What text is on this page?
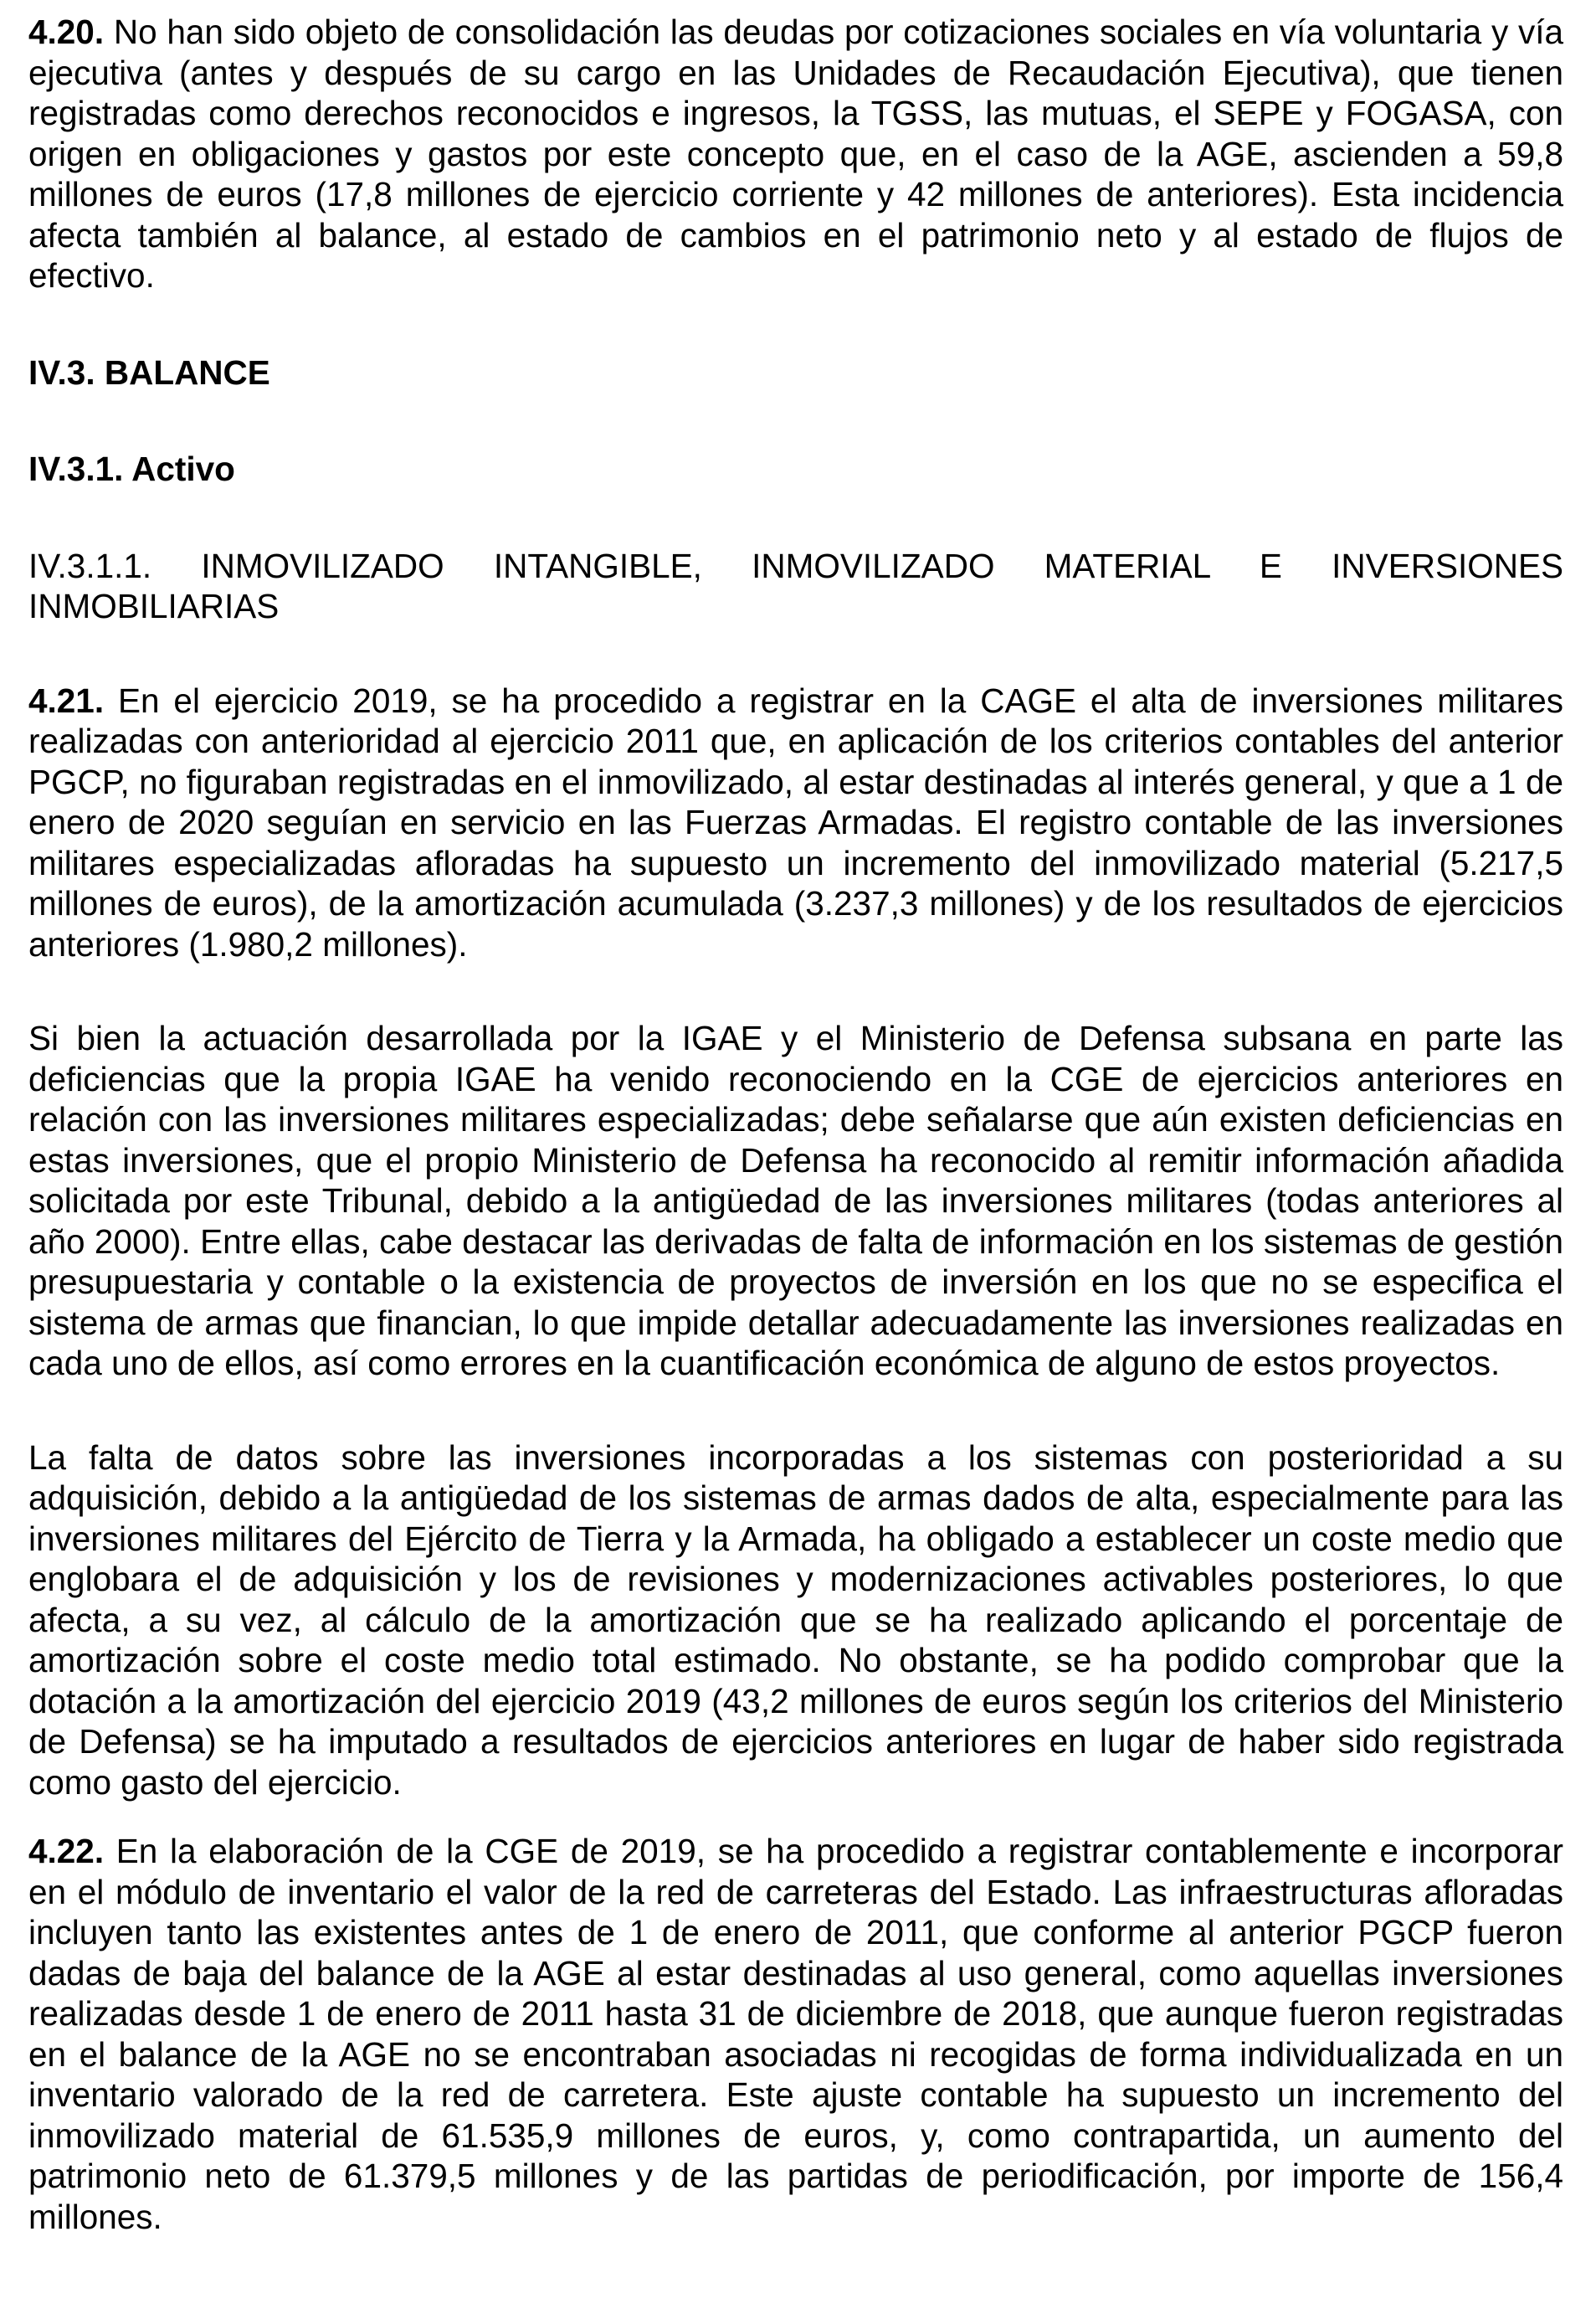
4.20. No han sido objeto de consolidación las deudas por cotizaciones sociales en vía voluntaria y vía ejecutiva (antes y después de su cargo en las Unidades de Recaudación Ejecutiva), que tienen registradas como derechos reconocidos e ingresos, la TGSS, las mutuas, el SEPE y FOGASA, con origen en obligaciones y gastos por este concepto que, en el caso de la AGE, ascienden a 59,8 millones de euros (17,8 millones de ejercicio corriente y 42 millones de anteriores). Esta incidencia afecta también al balance, al estado de cambios en el patrimonio neto y al estado de flujos de efectivo.

IV.3. BALANCE

IV.3.1. Activo

IV.3.1.1. INMOVILIZADO INTANGIBLE, INMOVILIZADO MATERIAL E INVERSIONES INMOBILIARIAS

4.21. En el ejercicio 2019, se ha procedido a registrar en la CAGE el alta de inversiones militares realizadas con anterioridad al ejercicio 2011 que, en aplicación de los criterios contables del anterior PGCP, no figuraban registradas en el inmovilizado, al estar destinadas al interés general, y que a 1 de enero de 2020 seguían en servicio en las Fuerzas Armadas. El registro contable de las inversiones militares especializadas afloradas ha supuesto un incremento del inmovilizado material (5.217,5 millones de euros), de la amortización acumulada (3.237,3 millones) y de los resultados de ejercicios anteriores (1.980,2 millones).

Si bien la actuación desarrollada por la IGAE y el Ministerio de Defensa subsana en parte las deficiencias que la propia IGAE ha venido reconociendo en la CGE de ejercicios anteriores en relación con las inversiones militares especializadas; debe señalarse que aún existen deficiencias en estas inversiones, que el propio Ministerio de Defensa ha reconocido al remitir información añadida solicitada por este Tribunal, debido a la antigüedad de las inversiones militares (todas anteriores al año 2000). Entre ellas, cabe destacar las derivadas de falta de información en los sistemas de gestión presupuestaria y contable o la existencia de proyectos de inversión en los que no se especifica el sistema de armas que financian, lo que impide detallar adecuadamente las inversiones realizadas en cada uno de ellos, así como errores en la cuantificación económica de alguno de estos proyectos.

La falta de datos sobre las inversiones incorporadas a los sistemas con posterioridad a su adquisición, debido a la antigüedad de los sistemas de armas dados de alta, especialmente para las inversiones militares del Ejército de Tierra y la Armada, ha obligado a establecer un coste medio que englobara el de adquisición y los de revisiones y modernizaciones activables posteriores, lo que afecta, a su vez, al cálculo de la amortización que se ha realizado aplicando el porcentaje de amortización sobre el coste medio total estimado. No obstante, se ha podido comprobar que la dotación a la amortización del ejercicio 2019 (43,2 millones de euros según los criterios del Ministerio de Defensa) se ha imputado a resultados de ejercicios anteriores en lugar de haber sido registrada como gasto del ejercicio.

4.22. En la elaboración de la CGE de 2019, se ha procedido a registrar contablemente e incorporar en el módulo de inventario el valor de la red de carreteras del Estado. Las infraestructuras afloradas incluyen tanto las existentes antes de 1 de enero de 2011, que conforme al anterior PGCP fueron dadas de baja del balance de la AGE al estar destinadas al uso general, como aquellas inversiones realizadas desde 1 de enero de 2011 hasta 31 de diciembre de 2018, que aunque fueron registradas en el balance de la AGE no se encontraban asociadas ni recogidas de forma individualizada en un inventario valorado de la red de carretera. Este ajuste contable ha supuesto un incremento del inmovilizado material de 61.535,9 millones de euros, y, como contrapartida, un aumento del patrimonio neto de 61.379,5 millones y de las partidas de periodificación, por importe de 156,4 millones.
